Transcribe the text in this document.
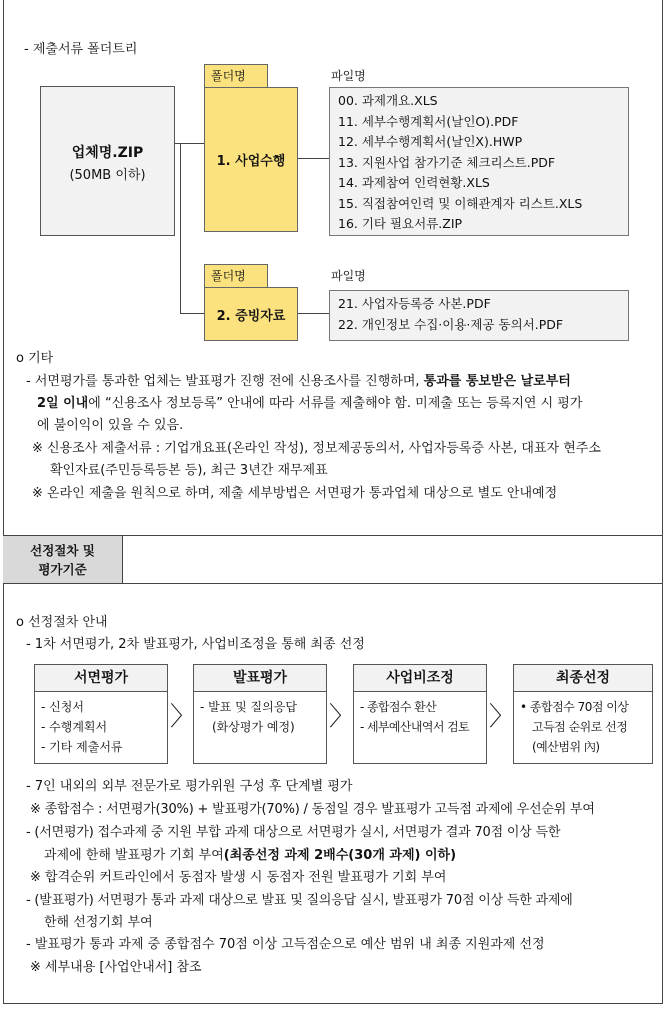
- 제출서류 폴더트리
업체명.ZIP
(50MB 이하)
폴더명
1. 사업수행
폴더명
2. 증빙자료
파일명
00. 과제개요.XLS
11. 세부수행계획서(날인O).PDF
12. 세부수행계획서(날인X).HWP
13. 지원사업 참가기준 체크리스트.PDF
14. 과제참여 인력현황.XLS
15. 직접참여인력 및 이해관계자 리스트.XLS
16. 기타 필요서류.ZIP
파일명
21. 사업자등록증 사본.PDF
22. 개인정보 수집·이용·제공 동의서.PDF
o 기타
- 서면평가를 통과한 업체는 발표평가 진행 전에 신용조사를 진행하며, 통과를 통보받은 날로부터
2일 이내에 “신용조사 정보등록” 안내에 따라 서류를 제출해야 함. 미제출 또는 등록지연 시 평가
에 불이익이 있을 수 있음.
※ 신용조사 제출서류 : 기업개요표(온라인 작성), 정보제공동의서, 사업자등록증 사본, 대표자 현주소
확인자료(주민등록등본 등), 최근 3년간 재무제표
※ 온라인 제출을 원칙으로 하며, 제출 세부방법은 서면평가 통과업체 대상으로 별도 안내예정
선정절차 및
평가기준
o 선정절차 안내
- 1차 서면평가, 2차 발표평가, 사업비조정을 통해 최종 선정
서면평가
- 신청서
- 수행계획서
- 기타 제출서류
〉
발표평가
- 발표 및 질의응답
(화상평가 예정)	〉
사업비조정
- 종합점수 환산
- 세부예산내역서 검토 〉
최종선정
• 종합점수 70점 이상
고득점 순위로 선정
(예산범위 內)
- 7인 내외의 외부 전문가로 평가위원 구성 후 단계별 평가
※ 종합점수 : 서면평가(30%) + 발표평가(70%) / 동점일 경우 발표평가 고득점 과제에 우선순위 부여
- (서면평가) 접수과제 중 지원 부합 과제 대상으로 서면평가 실시, 서면평가 결과 70점 이상 득한
과제에 한해 발표평가 기회 부여(최종선정 과제 2배수(30개 과제) 이하)
※ 합격순위 커트라인에서 동점자 발생 시 동점자 전원 발표평가 기회 부여
- (발표평가) 서면평가 통과 과제 대상으로 발표 및 질의응답 실시, 발표평가 70점 이상 득한 과제에
한해 선정기회 부여
- 발표평가 통과 과제 중 종합점수 70점 이상 고득점순으로 예산 범위 내 최종 지원과제 선정
※ 세부내용 [사업안내서] 참조
